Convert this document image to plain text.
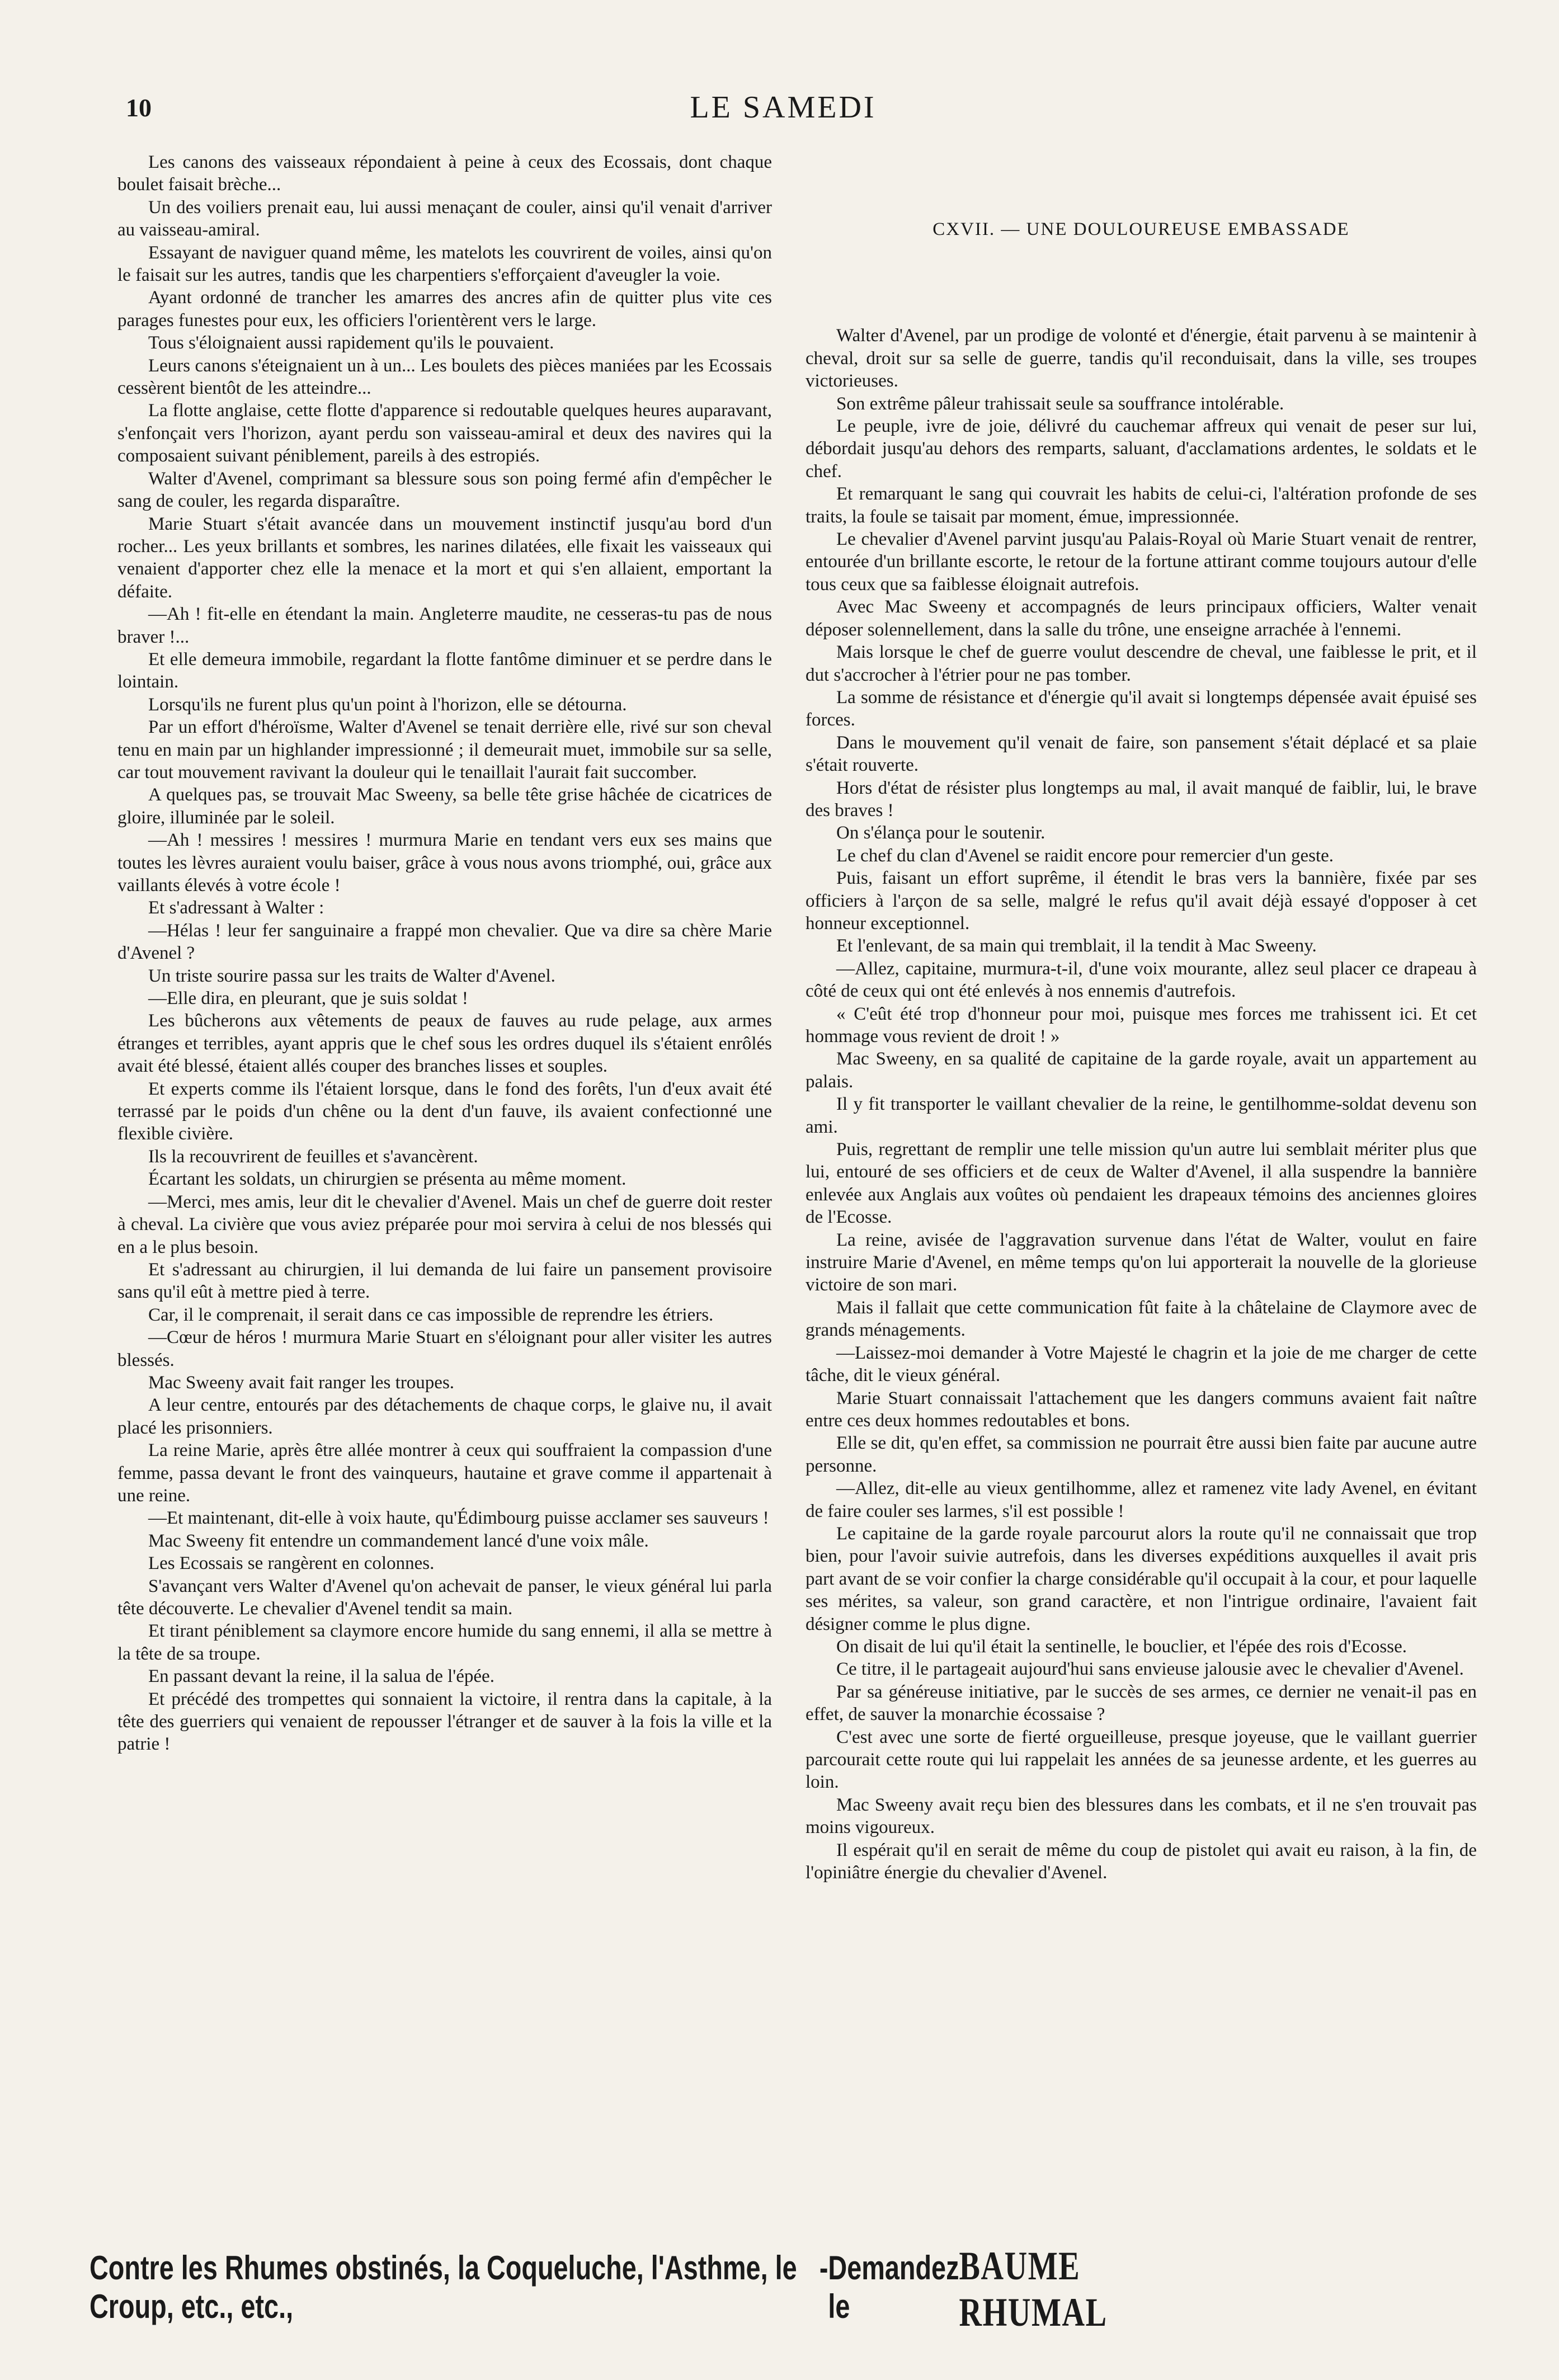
10	LE SAMEDI

Les canons des vaisseaux répondaient à peine à ceux des Ecossais, dont chaque boulet faisait brèche...

Un des voiliers prenait eau, lui aussi menaçant de couler, ainsi qu'il venait d'arriver au vaisseau-amiral.

Essayant de naviguer quand même, les matelots les couvrirent de voiles, ainsi qu'on le faisait sur les autres, tandis que les charpentiers s'efforçaient d'aveugler la voie.

Ayant ordonné de trancher les amarres des ancres afin de quitter plus vite ces parages funestes pour eux, les officiers l'orientèrent vers le large.

Tous s'éloignaient aussi rapidement qu'ils le pouvaient.

Leurs canons s'éteignaient un à un... Les boulets des pièces maniées par les Ecossais cessèrent bientôt de les atteindre...

La flotte anglaise, cette flotte d'apparence si redoutable quelques heures auparavant, s'enfonçait vers l'horizon, ayant perdu son vaisseau-amiral et deux des navires qui la composaient suivant péniblement, pareils à des estropiés.

Walter d'Avenel, comprimant sa blessure sous son poing fermé afin d'empêcher le sang de couler, les regarda disparaître.

Marie Stuart s'était avancée dans un mouvement instinctif jusqu'au bord d'un rocher... Les yeux brillants et sombres, les narines dilatées, elle fixait les vaisseaux qui venaient d'apporter chez elle la menace et la mort et qui s'en allaient, emportant la défaite.

—Ah ! fit-elle en étendant la main. Angleterre maudite, ne cesseras-tu pas de nous braver !...

Et elle demeura immobile, regardant la flotte fantôme diminuer et se perdre dans le lointain.

Lorsqu'ils ne furent plus qu'un point à l'horizon, elle se détourna.

Par un effort d'héroïsme, Walter d'Avenel se tenait derrière elle, rivé sur son cheval tenu en main par un highlander impressionné ; il demeurait muet, immobile sur sa selle, car tout mouvement ravivant la douleur qui le tenaillait l'aurait fait succomber.

A quelques pas, se trouvait Mac Sweeny, sa belle tête grise hâchée de cicatrices de gloire, illuminée par le soleil.

—Ah ! messires ! messires ! murmura Marie en tendant vers eux ses mains que toutes les lèvres auraient voulu baiser, grâce à vous nous avons triomphé, oui, grâce aux vaillants élevés à votre école !

Et s'adressant à Walter :

—Hélas ! leur fer sanguinaire a frappé mon chevalier. Que va dire sa chère Marie d'Avenel ?

Un triste sourire passa sur les traits de Walter d'Avenel.

—Elle dira, en pleurant, que je suis soldat !

Les bûcherons aux vêtements de peaux de fauves au rude pelage, aux armes étranges et terribles, ayant appris que le chef sous les ordres duquel ils s'étaient enrôlés avait été blessé, étaient allés couper des branches lisses et souples.

Et experts comme ils l'étaient lorsque, dans le fond des forêts, l'un d'eux avait été terrassé par le poids d'un chêne ou la dent d'un fauve, ils avaient confectionné une flexible civière.

Ils la recouvrirent de feuilles et s'avancèrent.

Écartant les soldats, un chirurgien se présenta au même moment.

—Merci, mes amis, leur dit le chevalier d'Avenel. Mais un chef de guerre doit rester à cheval. La civière que vous aviez préparée pour moi servira à celui de nos blessés qui en a le plus besoin.

Et s'adressant au chirurgien, il lui demanda de lui faire un pansement provisoire sans qu'il eût à mettre pied à terre.

Car, il le comprenait, il serait dans ce cas impossible de reprendre les étriers.

—Cœur de héros ! murmura Marie Stuart en s'éloignant pour aller visiter les autres blessés.

Mac Sweeny avait fait ranger les troupes.

A leur centre, entourés par des détachements de chaque corps, le glaive nu, il avait placé les prisonniers.

La reine Marie, après être allée montrer à ceux qui souffraient la compassion d'une femme, passa devant le front des vainqueurs, hautaine et grave comme il appartenait à une reine.

—Et maintenant, dit-elle à voix haute, qu'Édimbourg puisse acclamer ses sauveurs !

Mac Sweeny fit entendre un commandement lancé d'une voix mâle.

Les Ecossais se rangèrent en colonnes.

S'avançant vers Walter d'Avenel qu'on achevait de panser, le vieux général lui parla tête découverte. Le chevalier d'Avenel tendit sa main.

Et tirant péniblement sa claymore encore humide du sang ennemi, il alla se mettre à la tête de sa troupe.

En passant devant la reine, il la salua de l'épée.

Et précédé des trompettes qui sonnaient la victoire, il rentra dans la capitale, à la tête des guerriers qui venaient de repousser l'étranger et de sauver à la fois la ville et la patrie !

CXVII. — UNE DOULOUREUSE EMBASSADE

Walter d'Avenel, par un prodige de volonté et d'énergie, était parvenu à se maintenir à cheval, droit sur sa selle de guerre, tandis qu'il reconduisait, dans la ville, ses troupes victorieuses.

Son extrême pâleur trahissait seule sa souffrance intolérable.

Le peuple, ivre de joie, délivré du cauchemar affreux qui venait de peser sur lui, débordait jusqu'au dehors des remparts, saluant, d'acclamations ardentes, le soldats et le chef.

Et remarquant le sang qui couvrait les habits de celui-ci, l'altération profonde de ses traits, la foule se taisait par moment, émue, impressionnée.

Le chevalier d'Avenel parvint jusqu'au Palais-Royal où Marie Stuart venait de rentrer, entourée d'un brillante escorte, le retour de la fortune attirant comme toujours autour d'elle tous ceux que sa faiblesse éloignait autrefois.

Avec Mac Sweeny et accompagnés de leurs principaux officiers, Walter venait déposer solennellement, dans la salle du trône, une enseigne arrachée à l'ennemi.

Mais lorsque le chef de guerre voulut descendre de cheval, une faiblesse le prit, et il dut s'accrocher à l'étrier pour ne pas tomber.

La somme de résistance et d'énergie qu'il avait si longtemps dépensée avait épuisé ses forces.

Dans le mouvement qu'il venait de faire, son pansement s'était déplacé et sa plaie s'était rouverte.

Hors d'état de résister plus longtemps au mal, il avait manqué de faiblir, lui, le brave des braves !

On s'élança pour le soutenir.

Le chef du clan d'Avenel se raidit encore pour remercier d'un geste.

Puis, faisant un effort suprême, il étendit le bras vers la bannière, fixée par ses officiers à l'arçon de sa selle, malgré le refus qu'il avait déjà essayé d'opposer à cet honneur exceptionnel.

Et l'enlevant, de sa main qui tremblait, il la tendit à Mac Sweeny.

—Allez, capitaine, murmura-t-il, d'une voix mourante, allez seul placer ce drapeau à côté de ceux qui ont été enlevés à nos ennemis d'autrefois.

« C'eût été trop d'honneur pour moi, puisque mes forces me trahissent ici. Et cet hommage vous revient de droit ! »

Mac Sweeny, en sa qualité de capitaine de la garde royale, avait un appartement au palais.

Il y fit transporter le vaillant chevalier de la reine, le gentilhomme-soldat devenu son ami.

Puis, regrettant de remplir une telle mission qu'un autre lui semblait mériter plus que lui, entouré de ses officiers et de ceux de Walter d'Avenel, il alla suspendre la bannière enlevée aux Anglais aux voûtes où pendaient les drapeaux témoins des anciennes gloires de l'Ecosse.

La reine, avisée de l'aggravation survenue dans l'état de Walter, voulut en faire instruire Marie d'Avenel, en même temps qu'on lui apporterait la nouvelle de la glorieuse victoire de son mari.

Mais il fallait que cette communication fût faite à la châtelaine de Claymore avec de grands ménagements.

—Laissez-moi demander à Votre Majesté le chagrin et la joie de me charger de cette tâche, dit le vieux général.

Marie Stuart connaissait l'attachement que les dangers communs avaient fait naître entre ces deux hommes redoutables et bons.

Elle se dit, qu'en effet, sa commission ne pourrait être aussi bien faite par aucune autre personne.

—Allez, dit-elle au vieux gentilhomme, allez et ramenez vite lady Avenel, en évitant de faire couler ses larmes, s'il est possible !

Le capitaine de la garde royale parcourut alors la route qu'il ne connaissait que trop bien, pour l'avoir suivie autrefois, dans les diverses expéditions auxquelles il avait pris part avant de se voir confier la charge considérable qu'il occupait à la cour, et pour laquelle ses mérites, sa valeur, son grand caractère, et non l'intrigue ordinaire, l'avaient fait désigner comme le plus digne.

On disait de lui qu'il était la sentinelle, le bouclier, et l'épée des rois d'Ecosse.

Ce titre, il le partageait aujourd'hui sans envieuse jalousie avec le chevalier d'Avenel.

Par sa généreuse initiative, par le succès de ses armes, ce dernier ne venait-il pas en effet, de sauver la monarchie écossaise ?

C'est avec une sorte de fierté orgueilleuse, presque joyeuse, que le vaillant guerrier parcourait cette route qui lui rappelait les années de sa jeunesse ardente, et les guerres au loin.

Mac Sweeny avait reçu bien des blessures dans les combats, et il ne s'en trouvait pas moins vigoureux.

Il espérait qu'il en serait de même du coup de pistolet qui avait eu raison, à la fin, de l'opiniâtre énergie du chevalier d'Avenel.

Contre les Rhumes obstinés, la Coqueluche, l'Asthme, le Croup, etc., etc.,
- Demandez le
BAUME RHUMAL
